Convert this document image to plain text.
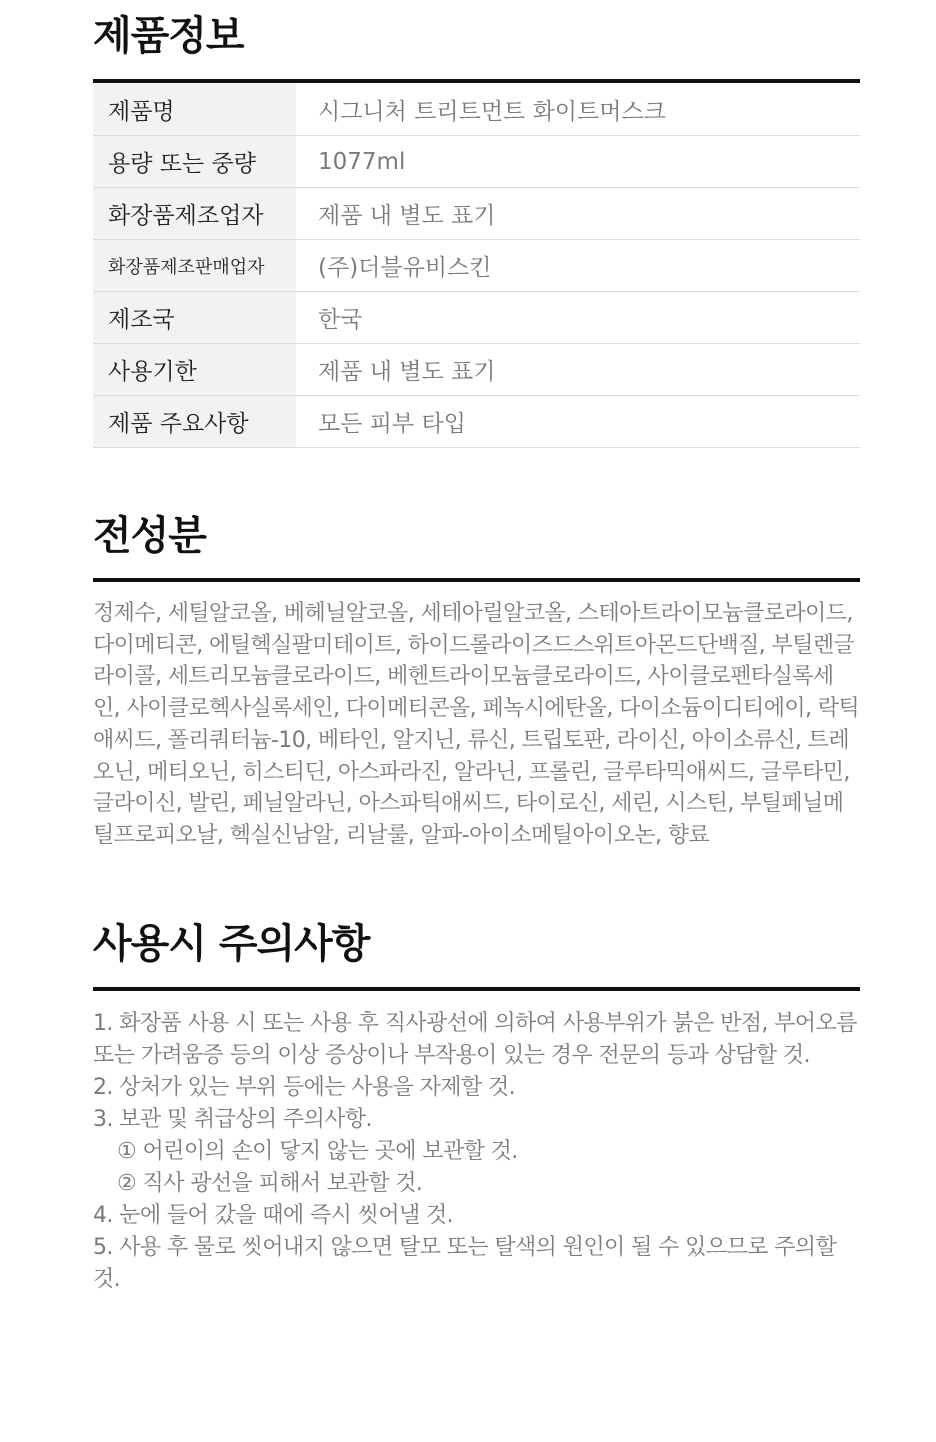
제품정보
제품명	시그니처 트리트먼트 화이트머스크
용량 또는 중량	1077ml
화장품제조업자	제품 내 별도 표기
화장품제조판매업자	(주)더블유비스킨
제조국	한국
사용기한	제품 내 별도 표기
제품 주요사항	모든 피부 타입
전성분

정제수, 세틸알코올, 베헤닐알코올, 세테아릴알코올, 스테아트라이모늄클로라이드, 다이메티콘, 에틸헥실팔미테이트, 하이드롤라이즈드스위트아몬드단백질, 부틸렌글라이콜, 세트리모늄클로라이드, 베헨트라이모늄클로라이드, 사이클로펜타실록세인, 사이클로헥사실록세인, 다이메티콘올, 페녹시에탄올, 다이소듐이디티에이, 락틱애씨드, 폴리쿼터늄-10, 베타인, 알지닌, 류신, 트립토판, 라이신, 아이소류신, 트레오닌, 메티오닌, 히스티딘, 아스파라진, 알라닌, 프롤린, 글루타믹애씨드, 글루타민, 글라이신, 발린, 페닐알라닌, 아스파틱애씨드, 타이로신, 세린, 시스틴, 부틸페닐메틸프로피오날, 헥실신남알, 리날룰, 알파-아이소메틸아이오논, 향료

사용시 주의사항
1. 화장품 사용 시 또는 사용 후 직사광선에 의하여 사용부위가 붉은 반점, 부어오름 또는 가려움증 등의 이상 증상이나 부작용이 있는 경우 전문의 등과 상담할 것.
2. 상처가 있는 부위 등에는 사용을 자제할 것.
3. 보관 및 취급상의 주의사항.
① 어린이의 손이 닿지 않는 곳에 보관할 것.
② 직사 광선을 피해서 보관할 것.
4. 눈에 들어 갔을 때에 즉시 씻어낼 것.
5. 사용 후 물로 씻어내지 않으면 탈모 또는 탈색의 원인이 될 수 있으므로 주의할 것.
